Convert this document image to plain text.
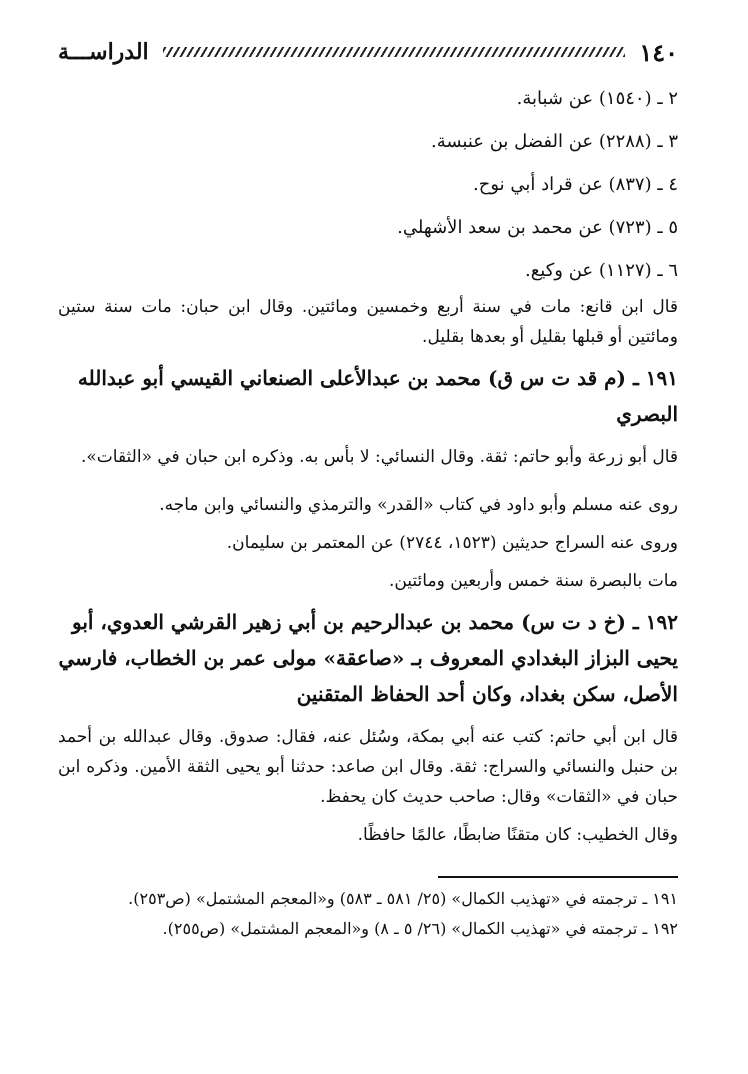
١٤٠
الدراســـة

٢ ـ (١٥٤٠) عن شبابة.

٣ ـ (٢٢٨٨) عن الفضل بن عنبسة.

٤ ـ (٨٣٧) عن قراد أبي نوح.

٥ ـ (٧٢٣) عن محمد بن سعد الأشهلي.

٦ ـ (١١٢٧) عن وكيع.

قال ابن قانع: مات في سنة أربع وخمسين ومائتين. وقال ابن حبان: مات سنة ستين ومائتين أو قبلها بقليل أو بعدها بقليل.

١٩١ ـ (م قد ت س ق) محمد بن عبدالأعلى الصنعاني القيسي أبو عبدالله البصري

قال أبو زرعة وأبو حاتم: ثقة. وقال النسائي: لا بأس به. وذكره ابن حبان في «الثقات».

روى عنه مسلم وأبو داود في كتاب «القدر» والترمذي والنسائي وابن ماجه.

وروى عنه السراج حديثين (١٥٢٣، ٢٧٤٤) عن المعتمر بن سليمان.

مات بالبصرة سنة خمس وأربعين ومائتين.

١٩٢ ـ (خ د ت س) محمد بن عبدالرحيم بن أبي زهير القرشي العدوي، أبو يحيى البزاز البغدادي المعروف بـ «صاعقة» مولى عمر بن الخطاب، فارسي الأصل، سكن بغداد، وكان أحد الحفاظ المتقنين

قال ابن أبي حاتم: كتب عنه أبي بمكة، وسُئل عنه، فقال: صدوق. وقال عبدالله بن أحمد بن حنبل والنسائي والسراج: ثقة. وقال ابن صاعد: حدثنا أبو يحيى الثقة الأمين. وذكره ابن حبان في «الثقات» وقال: صاحب حديث كان يحفظ.

وقال الخطيب: كان متقنًا ضابطًا، عالمًا حافظًا.

١٩١ ـ ترجمته في «تهذيب الكمال» (٢٥/ ٥٨١ ـ ٥٨٣) و«المعجم المشتمل» (ص٢٥٣).

١٩٢ ـ ترجمته في «تهذيب الكمال» (٢٦/ ٥ ـ ٨) و«المعجم المشتمل» (ص٢٥٥).
